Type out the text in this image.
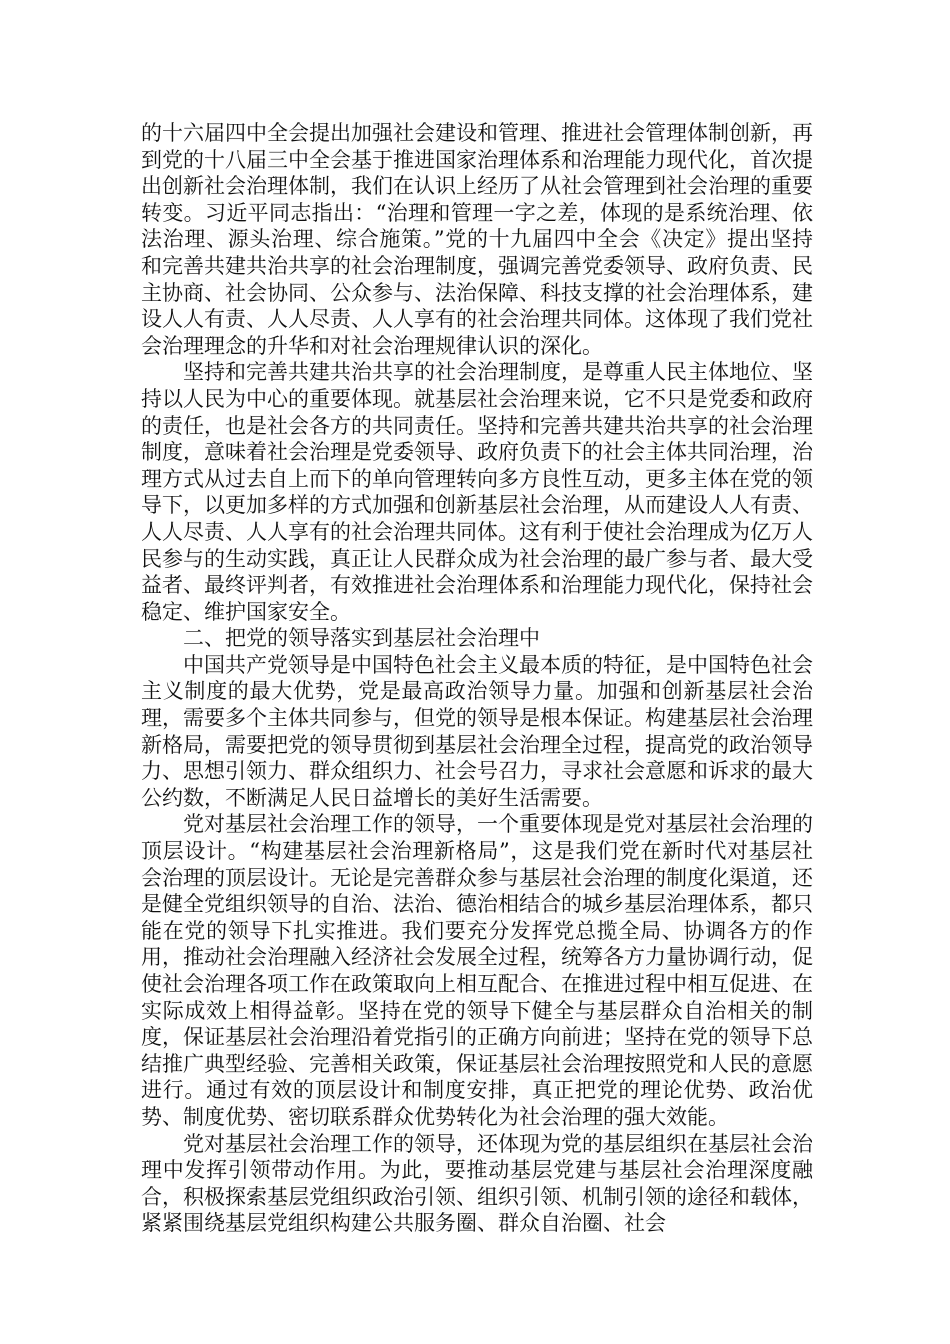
的十六届四中全会提出加强社会建设和管理、推进社会管理体制创新，再到党的十八届三中全会基于推进国家治理体系和治理能力现代化，首次提出创新社会治理体制，我们在认识上经历了从社会管理到社会治理的重要转变。习近平同志指出：“治理和管理一字之差，体现的是系统治理、依法治理、源头治理、综合施策。”党的十九届四中全会《决定》提出坚持和完善共建共治共享的社会治理制度，强调完善党委领导、政府负责、民主协商、社会协同、公众参与、法治保障、科技支撑的社会治理体系，建设人人有责、人人尽责、人人享有的社会治理共同体。这体现了我们党社会治理理念的升华和对社会治理规律认识的深化。

坚持和完善共建共治共享的社会治理制度，是尊重人民主体地位、坚持以人民为中心的重要体现。就基层社会治理来说，它不只是党委和政府的责任，也是社会各方的共同责任。坚持和完善共建共治共享的社会治理制度，意味着社会治理是党委领导、政府负责下的社会主体共同治理，治理方式从过去自上而下的单向管理转向多方良性互动，更多主体在党的领导下，以更加多样的方式加强和创新基层社会治理，从而建设人人有责、人人尽责、人人享有的社会治理共同体。这有利于使社会治理成为亿万人民参与的生动实践，真正让人民群众成为社会治理的最广参与者、最大受益者、最终评判者，有效推进社会治理体系和治理能力现代化，保持社会稳定、维护国家安全。

二、把党的领导落实到基层社会治理中

中国共产党领导是中国特色社会主义最本质的特征，是中国特色社会主义制度的最大优势，党是最高政治领导力量。加强和创新基层社会治理，需要多个主体共同参与，但党的领导是根本保证。构建基层社会治理新格局，需要把党的领导贯彻到基层社会治理全过程，提高党的政治领导力、思想引领力、群众组织力、社会号召力，寻求社会意愿和诉求的最大公约数，不断满足人民日益增长的美好生活需要。

党对基层社会治理工作的领导，一个重要体现是党对基层社会治理的顶层设计。“构建基层社会治理新格局”，这是我们党在新时代对基层社会治理的顶层设计。无论是完善群众参与基层社会治理的制度化渠道，还是健全党组织领导的自治、法治、德治相结合的城乡基层治理体系，都只能在党的领导下扎实推进。我们要充分发挥党总揽全局、协调各方的作用，推动社会治理融入经济社会发展全过程，统筹各方力量协调行动，促使社会治理各项工作在政策取向上相互配合、在推进过程中相互促进、在实际成效上相得益彰。坚持在党的领导下健全与基层群众自治相关的制度，保证基层社会治理沿着党指引的正确方向前进；坚持在党的领导下总结推广典型经验、完善相关政策，保证基层社会治理按照党和人民的意愿进行。通过有效的顶层设计和制度安排，真正把党的理论优势、政治优势、制度优势、密切联系群众优势转化为社会治理的强大效能。

党对基层社会治理工作的领导，还体现为党的基层组织在基层社会治理中发挥引领带动作用。为此，要推动基层党建与基层社会治理深度融合，积极探索基层党组织政治引领、组织引领、机制引领的途径和载体，紧紧围绕基层党组织构建公共服务圈、群众自治圈、社会
